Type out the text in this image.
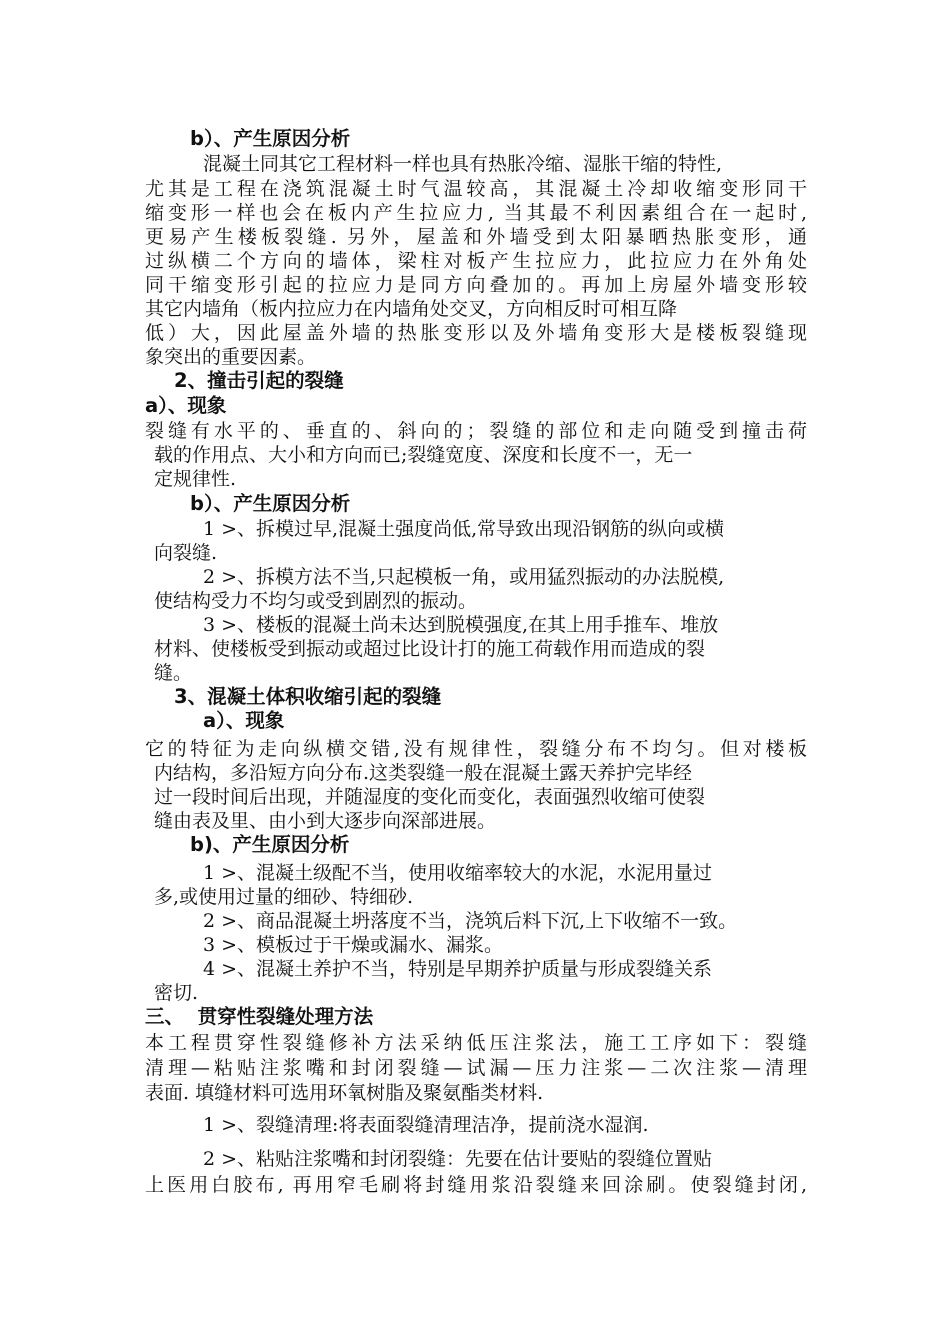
b）、产生原因分析
混凝土同其它工程材料一样也具有热胀冷缩、湿胀干缩的特性,
尤其是工程在浇筑混凝土时气温较高，其混凝土冷却收缩变形同干
缩变形一样也会在板内产生拉应力, 当其最不利因素组合在一起时,
更易产生楼板裂缝. 另外，屋盖和外墙受到太阳暴晒热胀变形，通
过纵横二个方向的墙体，梁柱对板产生拉应力，此拉应力在外角处
同干缩变形引起的拉应力是同方向叠加的。再加上房屋外墙变形较
其它内墙角（板内拉应力在内墙角处交叉，方向相反时可相互降
低）大，因此屋盖外墙的热胀变形以及外墙角变形大是楼板裂缝现
象突出的重要因素。
2、撞击引起的裂缝
a）、现象
裂缝有水平的、垂直的、斜向的；裂缝的部位和走向随受到撞击荷
载的作用点、大小和方向而已;裂缝宽度、深度和长度不一，无一
定规律性.
b）、产生原因分析
1 >、拆模过早,混凝土强度尚低,常导致出现沿钢筋的纵向或横
向裂缝.
2 >、拆模方法不当,只起模板一角，或用猛烈振动的办法脱模,
使结构受力不均匀或受到剧烈的振动。
3 >、楼板的混凝土尚未达到脱模强度,在其上用手推车、堆放
材料、使楼板受到振动或超过比设计打的施工荷载作用而造成的裂
缝。
3、混凝土体积收缩引起的裂缝
a）、现象
它的特征为走向纵横交错,没有规律性，裂缝分布不均匀。但对楼板
内结构，多沿短方向分布.这类裂缝一般在混凝土露天养护完毕经
过一段时间后出现，并随湿度的变化而变化，表面强烈收缩可使裂
缝由表及里、由小到大逐步向深部进展。
b)、产生原因分析
1 >、混凝土级配不当，使用收缩率较大的水泥，水泥用量过
多,或使用过量的细砂、特细砂.
2 >、商品混凝土坍落度不当，浇筑后料下沉,上下收缩不一致。
3 >、模板过于干燥或漏水、漏浆。
4 >、混凝土养护不当，特别是早期养护质量与形成裂缝关系
密切.
三、  贯穿性裂缝处理方法
本工程贯穿性裂缝修补方法采纳低压注浆法，施工工序如下：裂缝
清理—粘贴注浆嘴和封闭裂缝—试漏—压力注浆—二次注浆—清理
表面. 填缝材料可选用环氧树脂及聚氨酯类材料.
1 >、裂缝清理:将表面裂缝清理洁净，提前浇水湿润.
2 >、粘贴注浆嘴和封闭裂缝：先要在估计要贴的裂缝位置贴
上医用白胶布, 再用窄毛刷将封缝用浆沿裂缝来回涂刷。使裂缝封闭,
